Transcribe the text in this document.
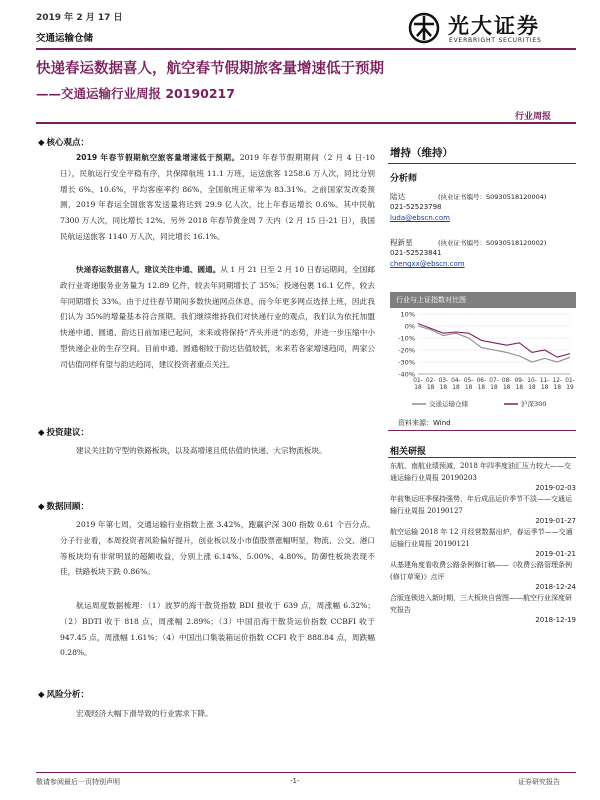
2019 年 2 月 17 日
交通运输仓储
光大证券
EVERBRIGHT SECURITIES
快递春运数据喜人，航空春节假期旅客量增速低于预期
——交通运输行业周报 20190217
行业周报
◆ 核心观点：
2019 年春节假期航空旅客量增速低于预期。2019 年春节假期期间（2 月 4 日-10 日），民航运行安全平稳有序，共保障航班 11.1 万班，运送旅客 1258.6 万人次，同比分别增长 6%、10.6%，平均客座率约 86%，全国航班正常率为 83.31%。之前国家发改委预测，2019 年春运全国旅客发送量将达到 29.9 亿人次，比上年春运增长 0.6%。其中民航 7300 万人次，同比增长 12%。另外 2018 年春节黄金周 7 天内（2 月 15 日-21 日），我国民航运送旅客 1140 万人次，同比增长 16.1%。
快递春运数据喜人，建议关注申通、圆通。从 1 月 21 日至 2 月 10 日春运期间，全国邮政行业寄递服务业务量为 12.89 亿件，较去年同期增长了 35%；投递包裹 16.1 亿件，较去年同期增长 33%。由于过往春节期间多数快递网点休息，而今年更多网点选择上班，因此我们认为 35%的增量基本符合预期。我们继续维持我们对快递行业的观点，我们认为依托加盟快递中通、圆通、韵达日前加速已起问，未来或将保持“齐头并进”的态势，并进一步压缩中小型快递企业的生存空间。目前申通、圆通相较于韵达估值较低，未来若各家增速趋同，两家公司估值同样有望与韵达趋同，建议投资者重点关注。
◆ 投资建议：
建议关注防守型的铁路板块，以及高增速且低估值的快递、大宗物流板块。
◆ 数据回顾：
2019 年第七周，交通运输行业指数上涨 3.42%，跑赢沪深 300 指数 0.61 个百分点。分子行业看，本周投资者风险偏好提升，创业板以及小市值股票涨幅明显，物流、公交、港口等板块均有非常明显的超额收益，分别上涨 6.14%、5.00%、4.80%。防御性板块表现不佳，铁路板块下跌 0.86%。
航运周度数据梳理：（1）波罗的海干散货指数 BDI 报收于 639 点，周涨幅 6.32%；（2）BDTI 收于 818 点，周涨幅 2.89%；（3）中国沿海干散货运价指数 CCBFI 收于 947.45 点，周涨幅 1.61%；（4）中国出口集装箱运价指数 CCFI 收于 888.84 点，周跌幅 0.28%。
◆ 风险分析：
宏观经济大幅下滑导致的行业需求下降。
增持（维持）
分析师
陆达	(执业证书编号：S0930518120004)
021-52523798
luda@ebscn.com
程新星	(执业证书编号：S0930518120002)
021-52523841
chengxx@ebscn.com
行业与上证指数对比图
10%
0%
-10%
-20%
-30%
-40%
01-
18
02-
18
03-
18
04-
18
05-
18
06-
18
07-
18
08-
18
09-
18
10-
18
11-
18
12-
18
01-
19
交通运输仓储	沪深300
资料来源：Wind
相关研报
东航、南航业绩预减，2018 年四季度油汇压力较大——交通运输行业周报 20190203
2019-02-03
年前集运旺季保持强势，年后成品运价季节不淡——交通运输行业周报 20190127
2019-01-27
航空运输 2018 年 12 月经营数据出炉，春运季节——交通运输行业周报 20190121
2019-01-21
从基建角度看收费公路条例修订稿——《收费公路管理条例(修订草案)》点评
2018-12-24
合版连锁进入新时期，三大板块自营图——航空行业深度研究报告
2018-12-19
敬请参阅最后一页特别声明	-1-	证券研究报告
